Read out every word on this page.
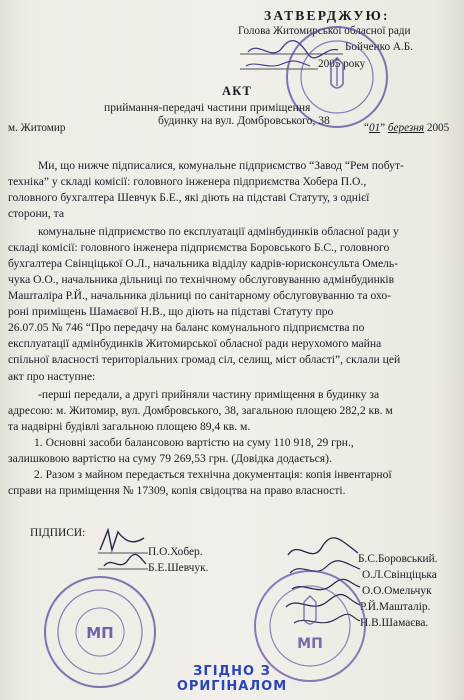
ЗАТВЕРДЖУЮ:
Голова Житомирської обласної ради
Бойченко А.Б.
2005 року
АКТ
приймання-передачі частини приміщення
будинку на вул. Домбровського, 38
м. Житомир	“01” березня 2005
Ми, що нижче підписалися, комунальне підприємство “Завод “Рем побут-
техніка” у складі комісії: головного інженера підприємства Хобера П.О.,
головного бухгалтера Шевчук Б.Е., які діють на підставі Статуту, з однієї
сторони, та
комунальне підприємство по експлуатації адмінбудинків обласної ради у
складі комісії: головного інженера підприємства Боровського Б.С., головного
бухгалтера Свінціцької О.Л., начальника відділу кадрів-юрисконсульта Омель-
чука О.О., начальника дільниці по технічному обслуговуванню адмінбудинків
Машталіра Р.Й., начальника дільниці по санітарному обслуговуванню та охо-
роні приміщень Шамаєвої Н.В., що діють на підставі Статуту про
26.07.05 № 746 “Про передачу на баланс комунального підприємства по
експлуатації адмінбудинків Житомирської обласної ради нерухомого майна
спільної власності територіальних громад сіл, селищ, міст області”, склали цей
акт про наступне:
-перші передали, а другі прийняли частину приміщення в будинку за
адресою: м. Житомир, вул. Домбровського, 38, загальною площею 282,2 кв. м
та надвірні будівлі загальною площею 89,4 кв. м.
1. Основні засоби балансовою вартістю на суму 110 918, 29 грн.,
залишковою вартістю на суму 79 269,53 грн. (Довідка додається).
2. Разом з майном передається технічна документація: копія інвентарної
справи на приміщення № 17309, копія свідоцтва на право власності.
ПІДПИСИ:
П.О.Хобер.
Б.Е.Шевчук.
Б.С.Боровський.
О.Л.Свінціцька
О.О.Омельчук
Р.Й.Машталір.
Н.В.Шамаєва.
МП
МП
ЗГІДНО З
ОРИГІНАЛОМ
